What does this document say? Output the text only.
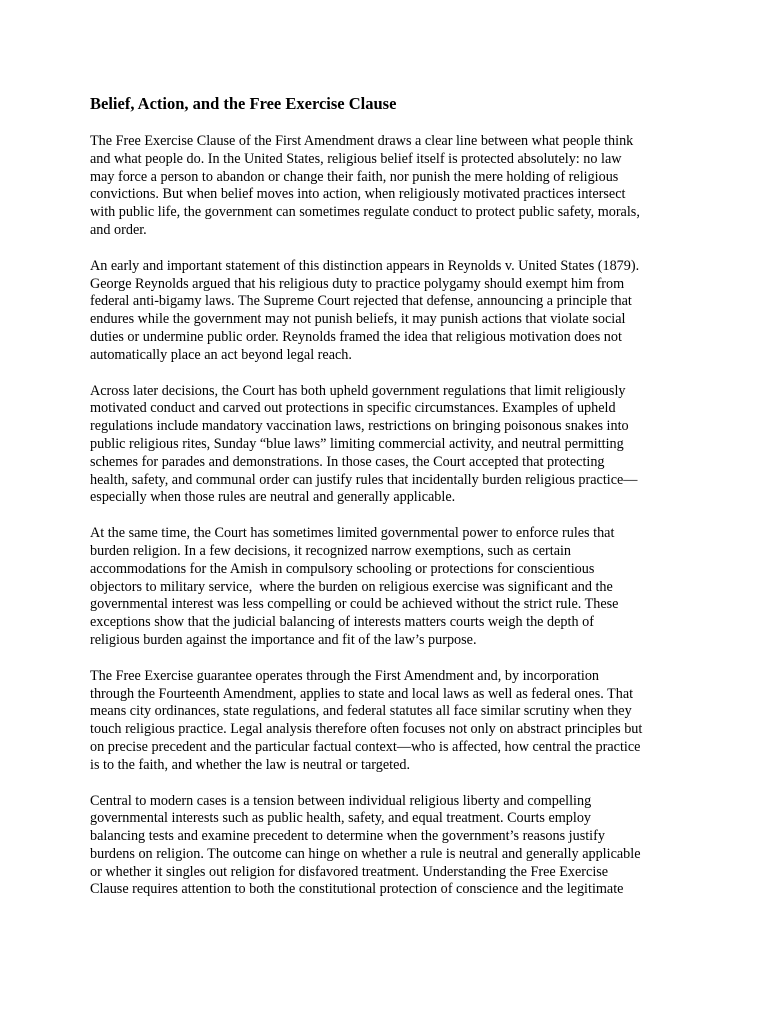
Belief, Action, and the Free Exercise Clause

The Free Exercise Clause of the First Amendment draws a clear line between what people think
and what people do. In the United States, religious belief itself is protected absolutely: no law
may force a person to abandon or change their faith, nor punish the mere holding of religious
convictions. But when belief moves into action, when religiously motivated practices intersect
with public life, the government can sometimes regulate conduct to protect public safety, morals,
and order.

An early and important statement of this distinction appears in Reynolds v. United States (1879).
George Reynolds argued that his religious duty to practice polygamy should exempt him from
federal anti-bigamy laws. The Supreme Court rejected that defense, announcing a principle that
endures while the government may not punish beliefs, it may punish actions that violate social
duties or undermine public order. Reynolds framed the idea that religious motivation does not
automatically place an act beyond legal reach.

Across later decisions, the Court has both upheld government regulations that limit religiously
motivated conduct and carved out protections in specific circumstances. Examples of upheld
regulations include mandatory vaccination laws, restrictions on bringing poisonous snakes into
public religious rites, Sunday “blue laws” limiting commercial activity, and neutral permitting
schemes for parades and demonstrations. In those cases, the Court accepted that protecting
health, safety, and communal order can justify rules that incidentally burden religious practice—
especially when those rules are neutral and generally applicable.

At the same time, the Court has sometimes limited governmental power to enforce rules that
burden religion. In a few decisions, it recognized narrow exemptions, such as certain
accommodations for the Amish in compulsory schooling or protections for conscientious
objectors to military service,  where the burden on religious exercise was significant and the
governmental interest was less compelling or could be achieved without the strict rule. These
exceptions show that the judicial balancing of interests matters courts weigh the depth of
religious burden against the importance and fit of the law’s purpose.

The Free Exercise guarantee operates through the First Amendment and, by incorporation
through the Fourteenth Amendment, applies to state and local laws as well as federal ones. That
means city ordinances, state regulations, and federal statutes all face similar scrutiny when they
touch religious practice. Legal analysis therefore often focuses not only on abstract principles but
on precise precedent and the particular factual context—who is affected, how central the practice
is to the faith, and whether the law is neutral or targeted.

Central to modern cases is a tension between individual religious liberty and compelling
governmental interests such as public health, safety, and equal treatment. Courts employ
balancing tests and examine precedent to determine when the government’s reasons justify
burdens on religion. The outcome can hinge on whether a rule is neutral and generally applicable
or whether it singles out religion for disfavored treatment. Understanding the Free Exercise
Clause requires attention to both the constitutional protection of conscience and the legitimate
